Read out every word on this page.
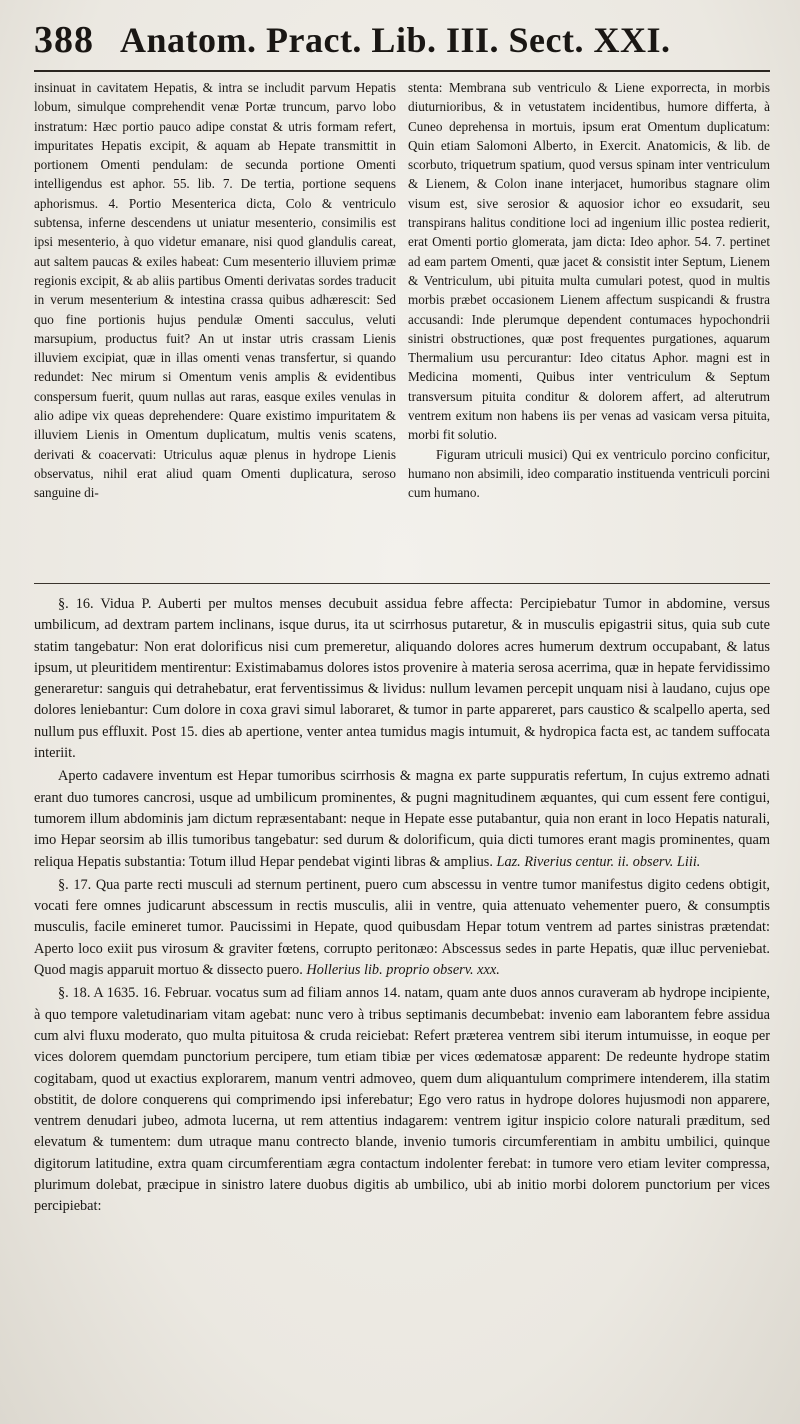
388 Anatom. Pract. Lib. III. Sect. XXI.

insinuat in cavitatem Hepatis, & intra se includit parvum Hepatis lobum, simulque comprehendit venæ Portæ truncum, parvo lobo instratum: Hæc portio pauco adipe constat & utris formam refert, impuritates Hepatis excipit, & aquam ab Hepate transmittit in portionem Omenti pendulam: de secunda portione Omenti intelligendus est aphor. 55. lib. 7. De tertia, portione sequens aphorismus. 4. Portio Mesenterica dicta, Colo & ventriculo subtensa, inferne descendens ut uniatur mesenterio, consimilis est ipsi mesenterio, à quo videtur emanare, nisi quod glandulis careat, aut saltem paucas & exiles habeat: Cum mesenterio illuviem primæ regionis excipit, & ab aliis partibus Omenti derivatas sordes traducit in verum mesenterium & intestina crassa quibus adhærescit: Sed quo fine portionis hujus pendulæ Omenti sacculus, veluti marsupium, productus fuit? An ut instar utris crassam Lienis illuviem excipiat, quæ in illas omenti venas transfertur, si quando redundet: Nec mirum si Omentum venis amplis & evidentibus conspersum fuerit, quum nullas aut raras, easque exiles venulas in alio adipe vix queas deprehendere: Quare existimo impuritatem & illuviem Lienis in Omentum duplicatum, multis venis scatens, derivati & coacervati: Utriculus aquæ plenus in hydrope Lienis observatus, nihil erat aliud quam Omenti duplicatura, seroso sanguine di-

stenta: Membrana sub ventriculo & Liene exporrecta, in morbis diuturnioribus, & in vetustatem incidentibus, humore differta, à Cuneo deprehensa in mortuis, ipsum erat Omentum duplicatum: Quin etiam Salomoni Alberto, in Exercit. Anatomicis, & lib. de scorbuto, triquetrum spatium, quod versus spinam inter ventriculum & Lienem, & Colon inane interjacet, humoribus stagnare olim visum est, sive serosior & aquosior ichor eo exsudarit, seu transpirans halitus conditione loci ad ingenium illic postea redierit, erat Omenti portio glomerata, jam dicta: Ideo aphor. 54. 7. pertinet ad eam partem Omenti, quæ jacet & consistit inter Septum, Lienem & Ventriculum, ubi pituita multa cumulari potest, quod in multis morbis præbet occasionem Lienem affectum suspicandi & frustra accusandi: Inde plerumque dependent contumaces hypochondrii sinistri obstructiones, quæ post frequentes purgationes, aquarum Thermalium usu percurantur: Ideo citatus Aphor. magni est in Medicina momenti, Quibus inter ventriculum & Septum transversum pituita conditur & dolorem affert, ad alterutrum ventrem exitum non habens iis per venas ad vasicam versa pituita, morbi fit solutio.

Figuram utriculi musici) Qui ex ventriculo porcino conficitur, humano non absimili, ideo comparatio instituenda ventriculi porcini cum humano.

§. 16. Vidua P. Auberti per multos menses decubuit assidua febre affecta: Percipiebatur Tumor in abdomine, versus umbilicum, ad dextram partem inclinans, isque durus, ita ut scirrhosus putaretur, & in musculis epigastrii situs, quia sub cute statim tangebatur: Non erat dolorificus nisi cum premeretur, aliquando dolores acres humerum dextrum occupabant, & latus ipsum, ut pleuritidem mentirentur: Existimabamus dolores istos provenire à materia serosa acerrima, quæ in hepate fervidissimo generaretur: sanguis qui detrahebatur, erat ferventissimus & lividus: nullum levamen percepit unquam nisi à laudano, cujus ope dolores leniebantur: Cum dolore in coxa gravi simul laboraret, & tumor in parte appareret, pars caustico & scalpello aperta, sed nullum pus effluxit. Post 15. dies ab apertione, venter antea tumidus magis intumuit, & hydropica facta est, ac tandem suffocata interiit.

Aperto cadavere inventum est Hepar tumoribus scirrhosis & magna ex parte suppuratis refertum, In cujus extremo adnati erant duo tumores cancrosi, usque ad umbilicum prominentes, & pugni magnitudinem æquantes, qui cum essent fere contigui, tumorem illum abdominis jam dictum repræsentabant: neque in Hepate esse putabantur, quia non erant in loco Hepatis naturali, imo Hepar seorsim ab illis tumoribus tangebatur: sed durum & dolorificum, quia dicti tumores erant magis prominentes, quam reliqua Hepatis substantia: Totum illud Hepar pendebat viginti libras & amplius. Laz. Riverius centur. ii. observ. Liii.

§. 17. Qua parte recti musculi ad sternum pertinent, puero cum abscessu in ventre tumor manifestus digito cedens obtigit, vocati fere omnes judicarunt abscessum in rectis musculis, alii in ventre, quia attenuato vehementer puero, & consumptis musculis, facile emineret tumor. Paucissimi in Hepate, quod quibusdam Hepar totum ventrem ad partes sinistras prætendat: Aperto loco exiit pus virosum & graviter fœtens, corrupto peritonæo: Abscessus sedes in parte Hepatis, quæ illuc perveniebat. Quod magis apparuit mortuo & dissecto puero. Hollerius lib. proprio observ. xxx.

§. 18. A 1635. 16. Februar. vocatus sum ad filiam annos 14. natam, quam ante duos annos curaveram ab hydrope incipiente, à quo tempore valetudinariam vitam agebat: nunc vero à tribus septimanis decumbebat: invenio eam laborantem febre assidua cum alvi fluxu moderato, quo multa pituitosa & cruda reiciebat: Refert præterea ventrem sibi iterum intumuisse, in eoque per vices dolorem quemdam punctorium percipere, tum etiam tibiæ per vices œdematosæ apparent: De redeunte hydrope statim cogitabam, quod ut exactius explorarem, manum ventri admoveo, quem dum aliquantulum comprimere intenderem, illa statim obstitit, de dolore conquerens qui comprimendo ipsi inferebatur; Ego vero ratus in hydrope dolores hujusmodi non apparere, ventrem denudari jubeo, admota lucerna, ut rem attentius indagarem: ventrem igitur inspicio colore naturali præditum, sed elevatum & tumentem: dum utraque manu contrecto blande, invenio tumoris circumferentiam in ambitu umbilici, quinque digitorum latitudine, extra quam circumferentiam ægra contactum indolenter ferebat: in tumore vero etiam leviter compressa, plurimum dolebat, præcipue in sinistro latere duobus digitis ab umbilico, ubi ab initio morbi dolorem punctorium per vices percipiebat:
